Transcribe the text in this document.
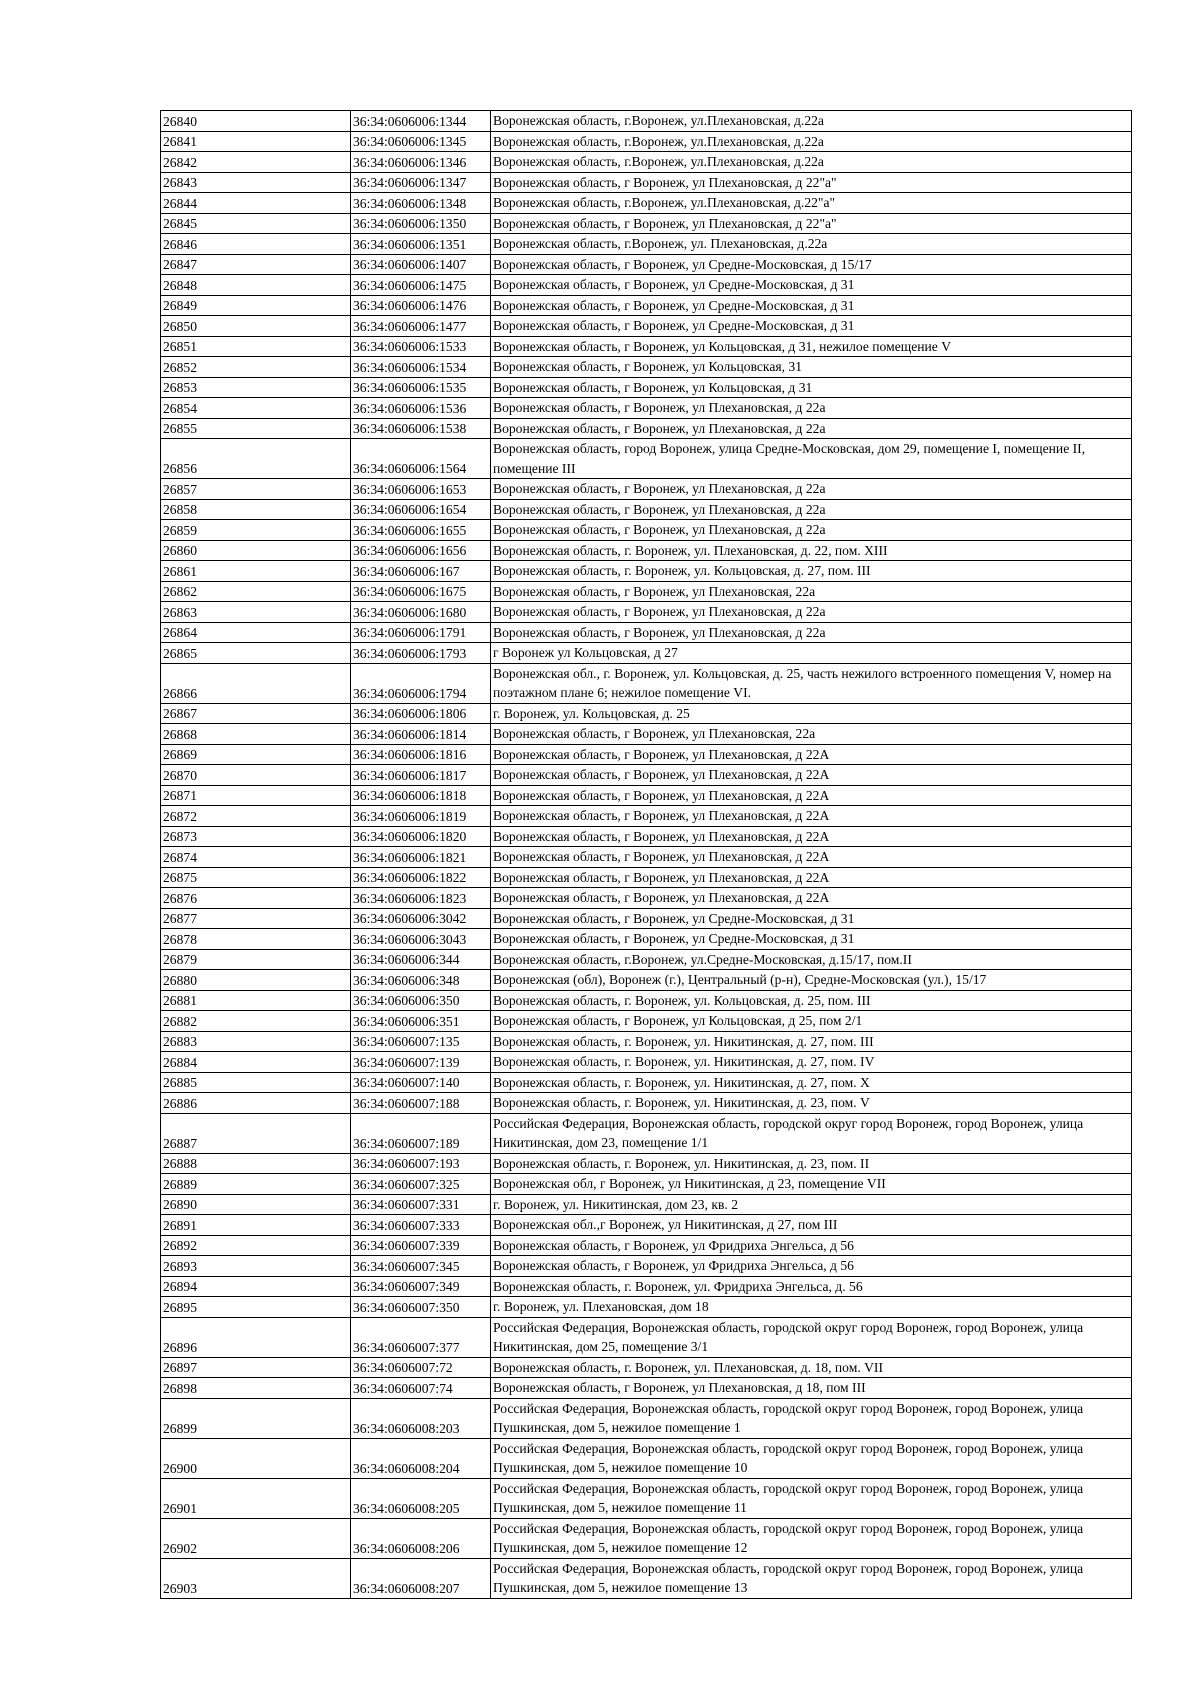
26840	36:34:0606006:1344	Воронежская область, г.Воронеж, ул.Плехановская, д.22а
26841	36:34:0606006:1345	Воронежская область, г.Воронеж, ул.Плехановская, д.22а
26842	36:34:0606006:1346	Воронежская область, г.Воронеж, ул.Плехановская, д.22а
26843	36:34:0606006:1347	Воронежская область, г Воронеж, ул Плехановская, д 22"а"
26844	36:34:0606006:1348	Воронежская область, г.Воронеж, ул.Плехановская, д.22"а"
26845	36:34:0606006:1350	Воронежская область, г Воронеж, ул Плехановская, д 22"а"
26846	36:34:0606006:1351	Воронежская область, г.Воронеж, ул. Плехановская, д.22а
26847	36:34:0606006:1407	Воронежская область, г Воронеж, ул Средне-Московская, д 15/17
26848	36:34:0606006:1475	Воронежская область, г Воронеж, ул Средне-Московская, д 31
26849	36:34:0606006:1476	Воронежская область, г Воронеж, ул Средне-Московская, д 31
26850	36:34:0606006:1477	Воронежская область, г Воронеж, ул Средне-Московская, д 31
26851	36:34:0606006:1533	Воронежская область, г Воронеж, ул Кольцовская, д 31, нежилое помещение V
26852	36:34:0606006:1534	Воронежская область, г Воронеж, ул Кольцовская, 31
26853	36:34:0606006:1535	Воронежская область, г Воронеж, ул Кольцовская, д 31
26854	36:34:0606006:1536	Воронежская область, г Воронеж, ул Плехановская, д 22а
26855	36:34:0606006:1538	Воронежская область, г Воронеж, ул Плехановская, д 22а
26856	36:34:0606006:1564	Воронежская область, город Воронеж, улица Средне-Московская, дом 29, помещение I, помещение II, помещение III
26857	36:34:0606006:1653	Воронежская область, г Воронеж, ул Плехановская, д 22а
26858	36:34:0606006:1654	Воронежская область, г Воронеж, ул Плехановская, д 22а
26859	36:34:0606006:1655	Воронежская область, г Воронеж, ул Плехановская, д 22а
26860	36:34:0606006:1656	Воронежская область, г. Воронеж, ул. Плехановская, д. 22, пом. XIII
26861	36:34:0606006:167	Воронежская область, г. Воронеж, ул. Кольцовская, д. 27, пом. III
26862	36:34:0606006:1675	Воронежская область, г Воронеж, ул Плехановская, 22а
26863	36:34:0606006:1680	Воронежская область, г Воронеж, ул Плехановская, д 22а
26864	36:34:0606006:1791	Воронежская область, г Воронеж, ул Плехановская, д 22а
26865	36:34:0606006:1793	г Воронеж ул Кольцовская, д 27
26866	36:34:0606006:1794	Воронежская обл., г. Воронеж, ул. Кольцовская, д. 25, часть нежилого встроенного помещения V, номер на поэтажном плане 6; нежилое помещение VI.
26867	36:34:0606006:1806	г. Воронеж, ул. Кольцовская, д. 25
26868	36:34:0606006:1814	Воронежская область, г Воронеж, ул Плехановская, 22а
26869	36:34:0606006:1816	Воронежская область, г Воронеж, ул Плехановская, д 22А
26870	36:34:0606006:1817	Воронежская область, г Воронеж, ул Плехановская, д 22А
26871	36:34:0606006:1818	Воронежская область, г Воронеж, ул Плехановская, д 22А
26872	36:34:0606006:1819	Воронежская область, г Воронеж, ул Плехановская, д 22А
26873	36:34:0606006:1820	Воронежская область, г Воронеж, ул Плехановская, д 22А
26874	36:34:0606006:1821	Воронежская область, г Воронеж, ул Плехановская, д 22А
26875	36:34:0606006:1822	Воронежская область, г Воронеж, ул Плехановская, д 22А
26876	36:34:0606006:1823	Воронежская область, г Воронеж, ул Плехановская, д 22А
26877	36:34:0606006:3042	Воронежская область, г Воронеж, ул Средне-Московская, д 31
26878	36:34:0606006:3043	Воронежская область, г Воронеж, ул Средне-Московская, д 31
26879	36:34:0606006:344	Воронежская область, г.Воронеж, ул.Средне-Московская, д.15/17, пом.II
26880	36:34:0606006:348	Воронежская (обл), Воронеж (г.), Центральный (р-н), Средне-Московская (ул.), 15/17
26881	36:34:0606006:350	Воронежская область, г. Воронеж, ул. Кольцовская, д. 25, пом. III
26882	36:34:0606006:351	Воронежская область, г Воронеж, ул Кольцовская, д 25, пом 2/1
26883	36:34:0606007:135	Воронежская область, г. Воронеж, ул. Никитинская, д. 27, пом. III
26884	36:34:0606007:139	Воронежская область, г. Воронеж, ул. Никитинская, д. 27, пом. IV
26885	36:34:0606007:140	Воронежская область, г. Воронеж, ул. Никитинская, д. 27, пом. X
26886	36:34:0606007:188	Воронежская область, г. Воронеж, ул. Никитинская, д. 23, пом. V
26887	36:34:0606007:189	Российская Федерация, Воронежская область, городской округ город Воронеж, город Воронеж, улица Никитинская, дом 23, помещение 1/1
26888	36:34:0606007:193	Воронежская область, г. Воронеж, ул. Никитинская, д. 23, пом. II
26889	36:34:0606007:325	Воронежская обл, г Воронеж, ул Никитинская, д 23, помещение VII
26890	36:34:0606007:331	г. Воронеж, ул. Никитинская, дом 23, кв. 2
26891	36:34:0606007:333	Воронежская обл.,г Воронеж, ул Никитинская, д 27, пом III
26892	36:34:0606007:339	Воронежская область, г Воронеж, ул Фридриха Энгельса, д 56
26893	36:34:0606007:345	Воронежская область, г Воронеж, ул Фридриха Энгельса, д 56
26894	36:34:0606007:349	Воронежская область, г. Воронеж, ул. Фридриха Энгельса, д. 56
26895	36:34:0606007:350	г. Воронеж, ул. Плехановская, дом 18
26896	36:34:0606007:377	Российская Федерация, Воронежская область, городской округ город Воронеж, город Воронеж, улица Никитинская, дом 25, помещение 3/1
26897	36:34:0606007:72	Воронежская область, г. Воронеж, ул. Плехановская, д. 18, пом. VII
26898	36:34:0606007:74	Воронежская область, г Воронеж, ул Плехановская, д 18, пом III
26899	36:34:0606008:203	Российская Федерация, Воронежская область, городской округ город Воронеж, город Воронеж, улица Пушкинская, дом 5, нежилое помещение 1
26900	36:34:0606008:204	Российская Федерация, Воронежская область, городской округ город Воронеж, город Воронеж, улица Пушкинская, дом 5, нежилое помещение 10
26901	36:34:0606008:205	Российская Федерация, Воронежская область, городской округ город Воронеж, город Воронеж, улица Пушкинская, дом 5, нежилое помещение 11
26902	36:34:0606008:206	Российская Федерация, Воронежская область, городской округ город Воронеж, город Воронеж, улица Пушкинская, дом 5, нежилое помещение 12
26903	36:34:0606008:207	Российская Федерация, Воронежская область, городской округ город Воронеж, город Воронеж, улица Пушкинская, дом 5, нежилое помещение 13
